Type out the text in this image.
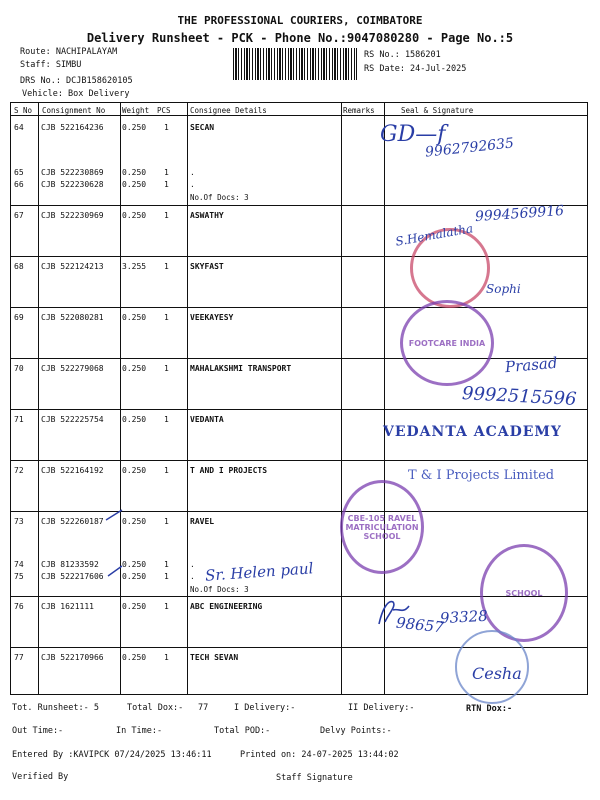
THE PROFESSIONAL COURIERS, COIMBATORE
Delivery Runsheet - PCK - Phone No.:9047080280 - Page No.:5
Route: NACHIPALAYAM
Staff: SIMBU
DRS No.: DCJB158620105
Vehicle: Box Delivery
RS No.: 1586201
RS Date: 24-Jul-2025
S No Consignment No Weight PCS	Consignee Details	Remarks	Seal & Signature
64 CJB 522164236 0.250 1	SECAN
65 CJB 522230869 0.250 1	.
66 CJB 522230628 0.250 1	.
No.Of Docs: 3
67 CJB 522230969 0.250 1	ASWATHY
68 CJB 522124213 3.255 1	SKYFAST
69 CJB 522080281 0.250 1	VEEKAYESY
70 CJB 522279068 0.250 1	MAHALAKSHMI TRANSPORT
71 CJB 522225754 0.250 1	VEDANTA
72 CJB 522164192 0.250 1	T AND I PROJECTS
73 CJB 522260187 0.250 1	RAVEL
74 CJB 81233592	0.250 1	.
75 CJB 522217606 0.250 1	.
No.Of Docs: 3
76 CJB 1621111	0.250 1	ABC ENGINEERING
77 CJB 522170966 0.250 1	TECH SEVAN
FOOTCARE INDIA
CBE-105 RAVEL MATRICULATION SCHOOL
SCHOOL
GD—f
9962792635
9994569916
S.Hemalatha
Sophi
Prasad
9992515596
VEDANTA ACADEMY
T & I Projects Limited
Sr. Helen paul
98657
93328
Cesha
Tot. Runsheet:- 5	Total Dox:- 77	I Delivery:-	II Delivery:-	RTN Dox:-
Out Time:-	In Time:-	Total POD:-	Delvy Points:-
Entered By :KAVIPCK 07/24/2025 13:46:11	Printed on: 24-07-2025 13:44:02
Verified By	Staff Signature
